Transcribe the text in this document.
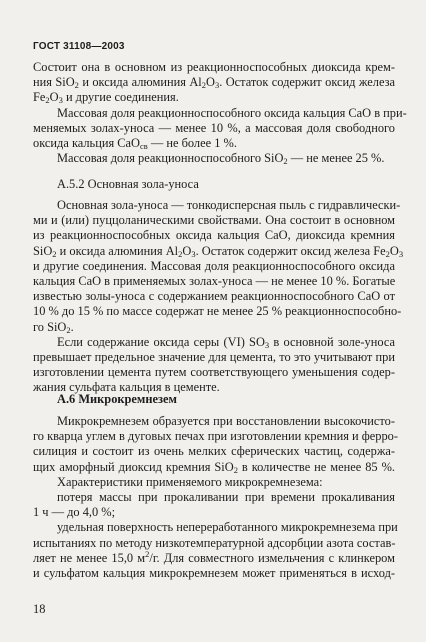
ГОСТ 31108—2003

Состоит она в основном из реакционноспособных диоксида крем-
ния SiO$_2$ и оксида алюминия $Al_2O_3$. Остаток содержит оксид железа
$Fe_2O_3$ и другие соединения.

Массовая доля реакционноспособного оксида кальция CaO в при-
меняемых золах-уноса — менее 10 %, а массовая доля свободного
оксида кальция CaO$_{св}$ — не более 1 %.

Массовая доля реакционноспособного SiO$_2$ — не менее 25 %.

А.5.2 Основная зола-уноса

Основная зола-уноса — тонкодисперсная пыль с гидравлически-
ми и (или) пуццоланическими свойствами. Она состоит в основном
из реакционноспособных оксида кальция CaO, диоксида кремния
SiO$_2$ и оксида алюминия $Al_2O_3$. Остаток содержит оксид железа $Fe_2O_3$
и другие соединения. Массовая доля реакционноспособного оксида
кальция CaO в применяемых золах-уноса — не менее 10 %. Богатые
известью золы-уноса с содержанием реакционноспособного CaO от
10 % до 15 % по массе содержат не менее 25 % реакционноспособно-
го SiO$_2$.

Если содержание оксида серы (VI) $SO_3$ в основной золе-уноса
превышает предельное значение для цемента, то это учитывают при
изготовлении цемента путем соответствующего уменьшения содер-
жания сульфата кальция в цементе.

А.6 Микрокремнезем

Микрокремнезем образуется при восстановлении высокочисто-
го кварца углем в дуговых печах при изготовлении кремния и ферро-
силиция и состоит из очень мелких сферических частиц, содержа-
щих аморфный диоксид кремния SiO$_2$ в количестве не менее 85 %.

Характеристики применяемого микрокремнезема:

потеря массы при прокаливании при времени прокаливания
1 ч — до 4,0 %;

удельная поверхность непереработанного микрокремнезема при
испытаниях по методу низкотемпературной адсорбции азота состав-
ляет не менее 15,0 $м^2/г$. Для совместного измельчения с клинкером
и сульфатом кальция микрокремнезем может применяться в исход-

18
